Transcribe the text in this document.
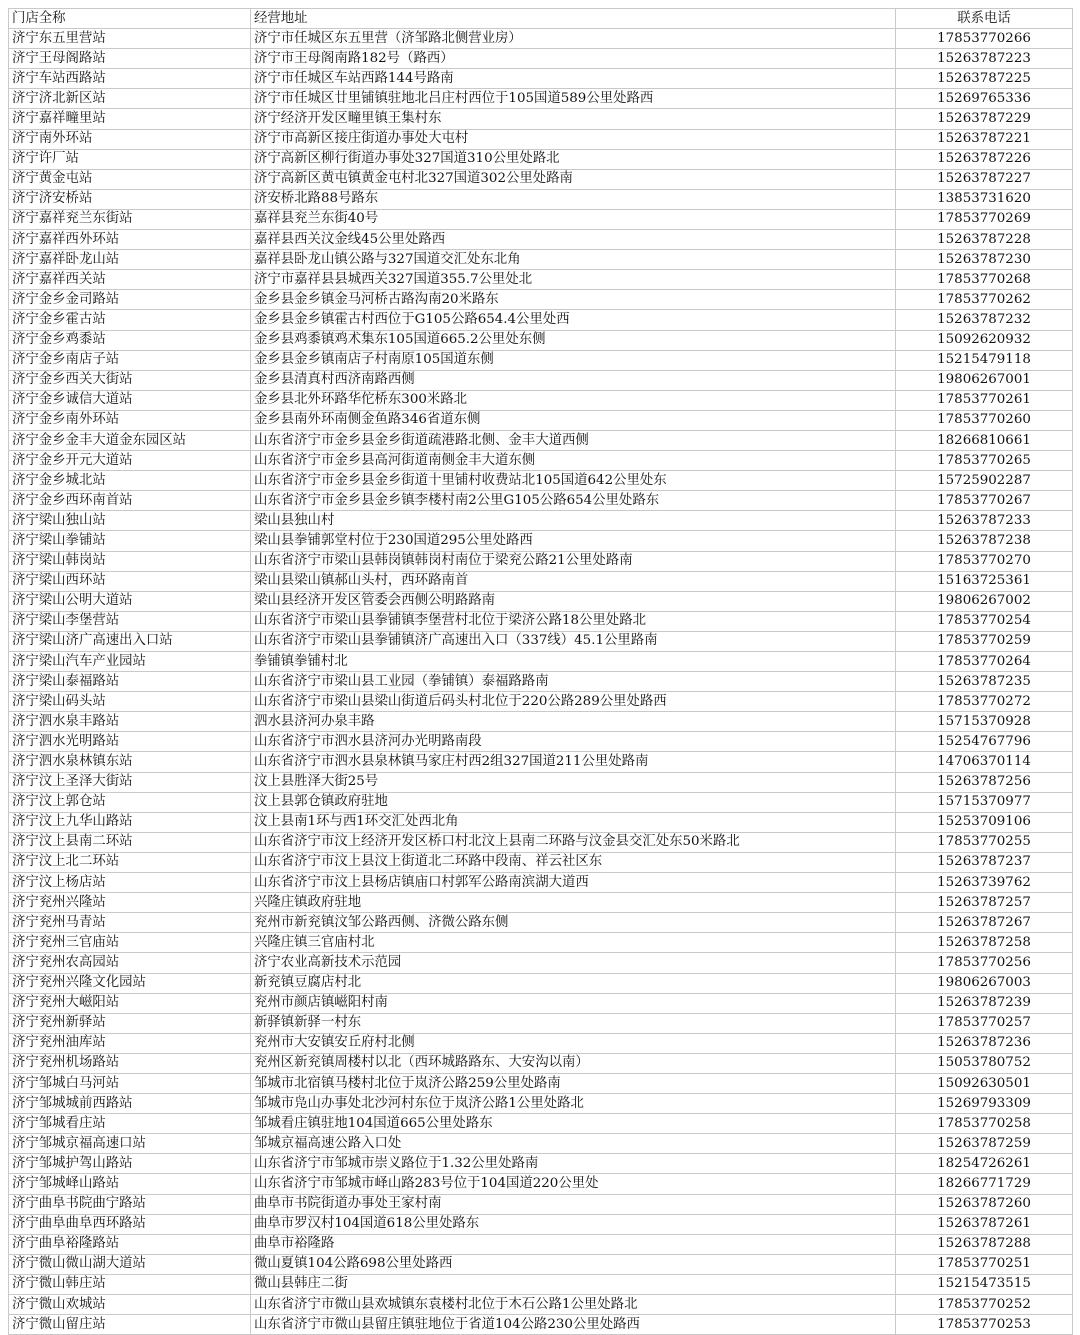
门店全称	经营地址	联系电话
济宁东五里营站	济宁市任城区东五里营（济邹路北侧营业房）	17853770266
济宁王母阁路站	济宁市王母阁南路182号（路西）	15263787223
济宁车站西路站	济宁市任城区车站西路144号路南	15263787225
济宁济北新区站	济宁市任城区廿里铺镇驻地北吕庄村西位于105国道589公里处路西	15269765336
济宁嘉祥疃里站	济宁经济开发区疃里镇王集村东	15263787229
济宁南外环站	济宁市高新区接庄街道办事处大屯村	15263787221
济宁许厂站	济宁高新区柳行街道办事处327国道310公里处路北	15263787226
济宁黄金屯站	济宁高新区黄屯镇黄金屯村北327国道302公里处路南	15263787227
济宁济安桥站	济安桥北路88号路东	13853731620
济宁嘉祥兖兰东街站	嘉祥县兖兰东街40号	17853770269
济宁嘉祥西外环站	嘉祥县西关汶金线45公里处路西	15263787228
济宁嘉祥卧龙山站	嘉祥县卧龙山镇公路与327国道交汇处东北角	15263787230
济宁嘉祥西关站	济宁市嘉祥县县城西关327国道355.7公里处北	17853770268
济宁金乡金司路站	金乡县金乡镇金马河桥古路沟南20米路东	17853770262
济宁金乡霍古站	金乡县金乡镇霍古村西位于G105公路654.4公里处西	15263787232
济宁金乡鸡黍站	金乡县鸡黍镇鸡术集东105国道665.2公里处东侧	15092620932
济宁金乡南店子站	金乡县金乡镇南店子村南原105国道东侧	15215479118
济宁金乡西关大街站	金乡县清真村西济南路西侧	19806267001
济宁金乡诚信大道站	金乡县北外环路华佗桥东300米路北	17853770261
济宁金乡南外环站	金乡县南外环南侧金鱼路346省道东侧	17853770260
济宁金乡金丰大道金东园区站	山东省济宁市金乡县金乡街道疏港路北侧、金丰大道西侧	18266810661
济宁金乡开元大道站	山东省济宁市金乡县高河街道南侧金丰大道东侧	17853770265
济宁金乡城北站	山东省济宁市金乡县金乡街道十里铺村收费站北105国道642公里处东	15725902287
济宁金乡西环南首站	山东省济宁市金乡县金乡镇李楼村南2公里G105公路654公里处路东	17853770267
济宁梁山独山站	梁山县独山村	15263787233
济宁梁山拳铺站	梁山县拳铺郭堂村位于230国道295公里处路西	15263787238
济宁梁山韩岗站	山东省济宁市梁山县韩岗镇韩岗村南位于梁兖公路21公里处路南	17853770270
济宁梁山西环站	梁山县梁山镇郝山头村，西环路南首	15163725361
济宁梁山公明大道站	梁山县经济开发区管委会西侧公明路路南	19806267002
济宁梁山李堡营站	山东省济宁市梁山县拳铺镇李堡营村北位于梁济公路18公里处路北	17853770254
济宁梁山济广高速出入口站	山东省济宁市梁山县拳铺镇济广高速出入口（337线）45.1公里路南	17853770259
济宁梁山汽车产业园站	拳铺镇拳铺村北	17853770264
济宁梁山泰福路站	山东省济宁市梁山县工业园（拳铺镇）泰福路路南	15263787235
济宁梁山码头站	山东省济宁市梁山县梁山街道后码头村北位于220公路289公里处路西	17853770272
济宁泗水泉丰路站	泗水县济河办泉丰路	15715370928
济宁泗水光明路站	山东省济宁市泗水县济河办光明路南段	15254767796
济宁泗水泉林镇东站	山东省济宁市泗水县泉林镇马家庄村西2组327国道211公里处路南	14706370114
济宁汶上圣泽大街站	汶上县胜泽大街25号	15263787256
济宁汶上郭仓站	汶上县郭仓镇政府驻地	15715370977
济宁汶上九华山路站	汶上县南1环与西1环交汇处西北角	15253709106
济宁汶上县南二环站	山东省济宁市汶上经济开发区桥口村北汶上县南二环路与汶金县交汇处东50米路北	17853770255
济宁汶上北二环站	山东省济宁市汶上县汶上街道北二环路中段南、祥云社区东	15263787237
济宁汶上杨店站	山东省济宁市汶上县杨店镇庙口村郭军公路南滨湖大道西	15263739762
济宁兖州兴隆站	兴隆庄镇政府驻地	15263787257
济宁兖州马青站	兖州市新兖镇汶邹公路西侧、济微公路东侧	15263787267
济宁兖州三官庙站	兴隆庄镇三官庙村北	15263787258
济宁兖州农高园站	济宁农业高新技术示范园	17853770256
济宁兖州兴隆文化园站	新兖镇豆腐店村北	19806267003
济宁兖州大嵫阳站	兖州市颜店镇嵫阳村南	15263787239
济宁兖州新驿站	新驿镇新驿一村东	17853770257
济宁兖州油库站	兖州市大安镇安丘府村北侧	15263787236
济宁兖州机场路站	兖州区新兖镇周楼村以北（西环城路路东、大安沟以南）	15053780752
济宁邹城白马河站	邹城市北宿镇马楼村北位于岚济公路259公里处路南	15092630501
济宁邹城城前西路站	邹城市凫山办事处北沙河村东位于岚济公路1公里处路北	15269793309
济宁邹城看庄站	邹城看庄镇驻地104国道665公里处路东	17853770258
济宁邹城京福高速口站	邹城京福高速公路入口处	15263787259
济宁邹城护驾山路站	山东省济宁市邹城市崇义路位于1.32公里处路南	18254726261
济宁邹城峄山路站	山东省济宁市邹城市峄山路283号位于104国道220公里处	18266771729
济宁曲阜书院曲宁路站	曲阜市书院街道办事处王家村南	15263787260
济宁曲阜曲阜西环路站	曲阜市罗汉村104国道618公里处路东	15263787261
济宁曲阜裕隆路站	曲阜市裕隆路	15263787288
济宁微山微山湖大道站	微山夏镇104公路698公里处路西	17853770251
济宁微山韩庄站	微山县韩庄二街	15215473515
济宁微山欢城站	山东省济宁市微山县欢城镇东袁楼村北位于木石公路1公里处路北	17853770252
济宁微山留庄站	山东省济宁市微山县留庄镇驻地位于省道104公路230公里处路西	17853770253
